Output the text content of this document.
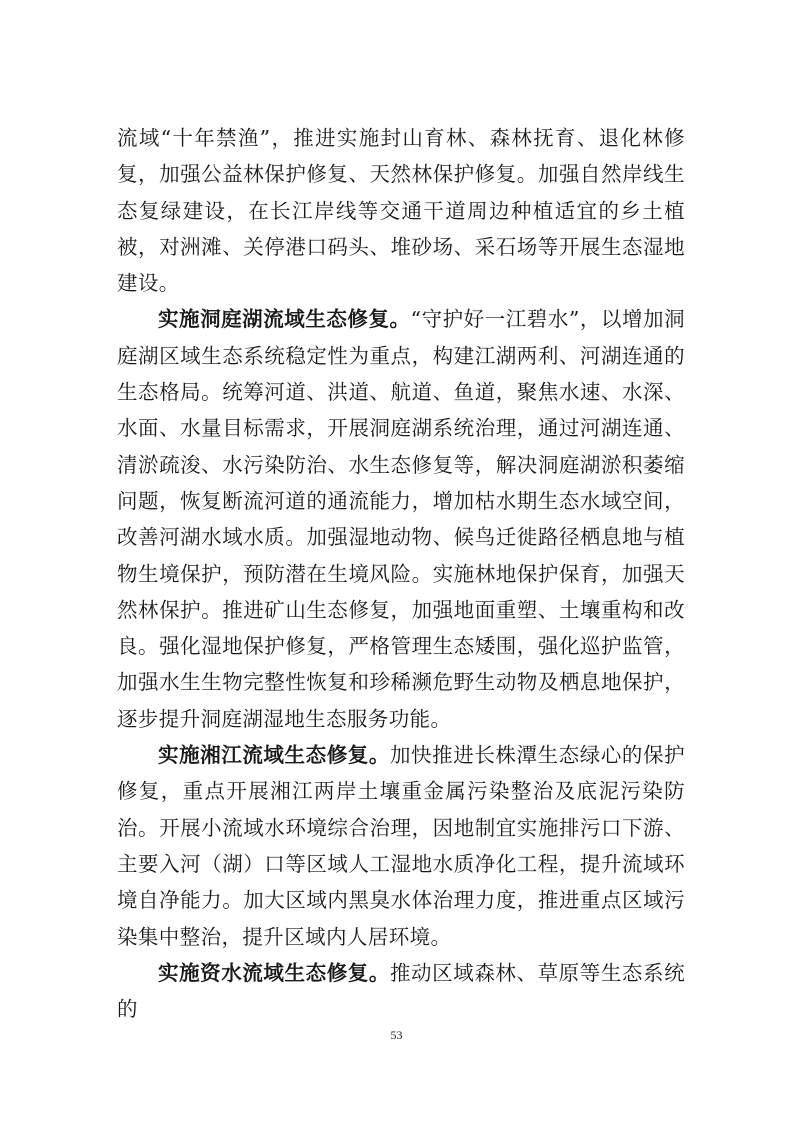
流域“十年禁渔”，推进实施封山育林、森林抚育、退化林修复，加强公益林保护修复、天然林保护修复。加强自然岸线生态复绿建设，在长江岸线等交通干道周边种植适宜的乡土植被，对洲滩、关停港口码头、堆砂场、采石场等开展生态湿地建设。

实施洞庭湖流域生态修复。“守护好一江碧水”，以增加洞庭湖区域生态系统稳定性为重点，构建江湖两利、河湖连通的生态格局。统筹河道、洪道、航道、鱼道，聚焦水速、水深、水面、水量目标需求，开展洞庭湖系统治理，通过河湖连通、清淤疏浚、水污染防治、水生态修复等，解决洞庭湖淤积萎缩问题，恢复断流河道的通流能力，增加枯水期生态水域空间，改善河湖水域水质。加强湿地动物、候鸟迁徙路径栖息地与植物生境保护，预防潜在生境风险。实施林地保护保育，加强天然林保护。推进矿山生态修复，加强地面重塑、土壤重构和改良。强化湿地保护修复，严格管理生态矮围，强化巡护监管，加强水生生物完整性恢复和珍稀濒危野生动物及栖息地保护，逐步提升洞庭湖湿地生态服务功能。

实施湘江流域生态修复。加快推进长株潭生态绿心的保护修复，重点开展湘江两岸土壤重金属污染整治及底泥污染防治。开展小流域水环境综合治理，因地制宜实施排污口下游、主要入河（湖）口等区域人工湿地水质净化工程，提升流域环境自净能力。加大区域内黑臭水体治理力度，推进重点区域污染集中整治，提升区域内人居环境。

实施资水流域生态修复。推动区域森林、草原等生态系统的

53
